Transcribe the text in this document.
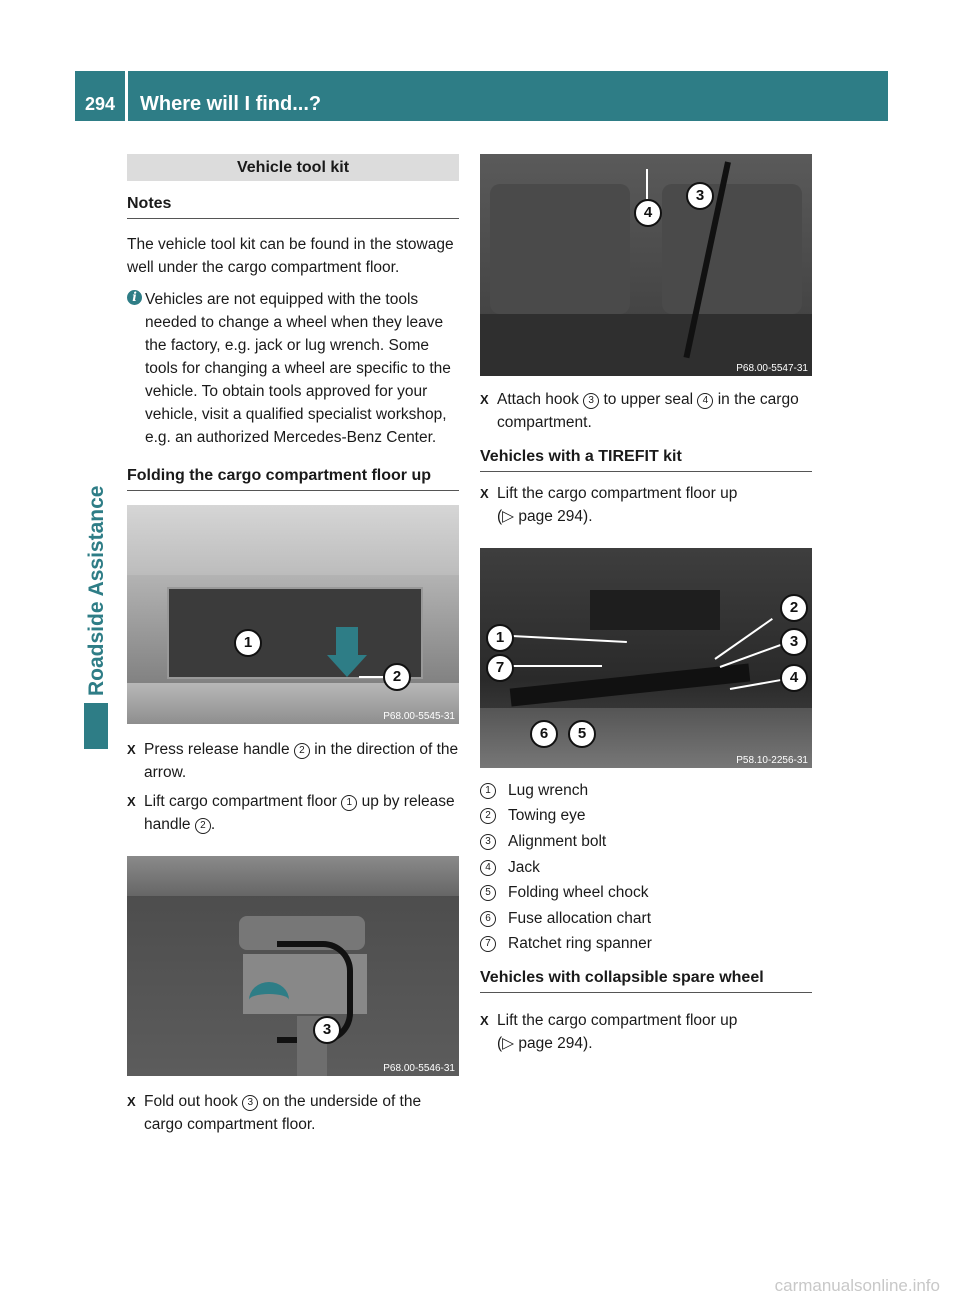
294	Where will I find...?
Roadside Assistance
Vehicle tool kit
Notes

The vehicle tool kit can be found in the stowage well under the cargo compartment floor.

i Vehicles are not equipped with the tools needed to change a wheel when they leave the factory, e.g. jack or lug wrench. Some tools for changing a wheel are specific to the vehicle. To obtain tools approved for your vehicle, visit a qualified specialist workshop, e.g. an authorized Mercedes-Benz Center.

Folding the cargo compartment floor up
1
2
P68.00-5545-31
X Press release handle 2 in the direction of the arrow.
X Lift cargo compartment floor 1 up by release handle 2 .
3
P68.00-5546-31
X Fold out hook 3 on the underside of the cargo compartment floor.
4
3
P68.00-5547-31
X Attach hook 3 to upper seal 4 in the cargo compartment.
Vehicles with a TIREFIT kit
X Lift the cargo compartment floor up
(▷ page 294).
1
7
6	5
2
3
4
P58.10-2256-31
1	Lug wrench
2	Towing eye
3	Alignment bolt
4	Jack
5	Folding wheel chock
6	Fuse allocation chart
7	Ratchet ring spanner
Vehicles with collapsible spare wheel
X Lift the cargo compartment floor up
(▷ page 294).
carmanualsonline.info
